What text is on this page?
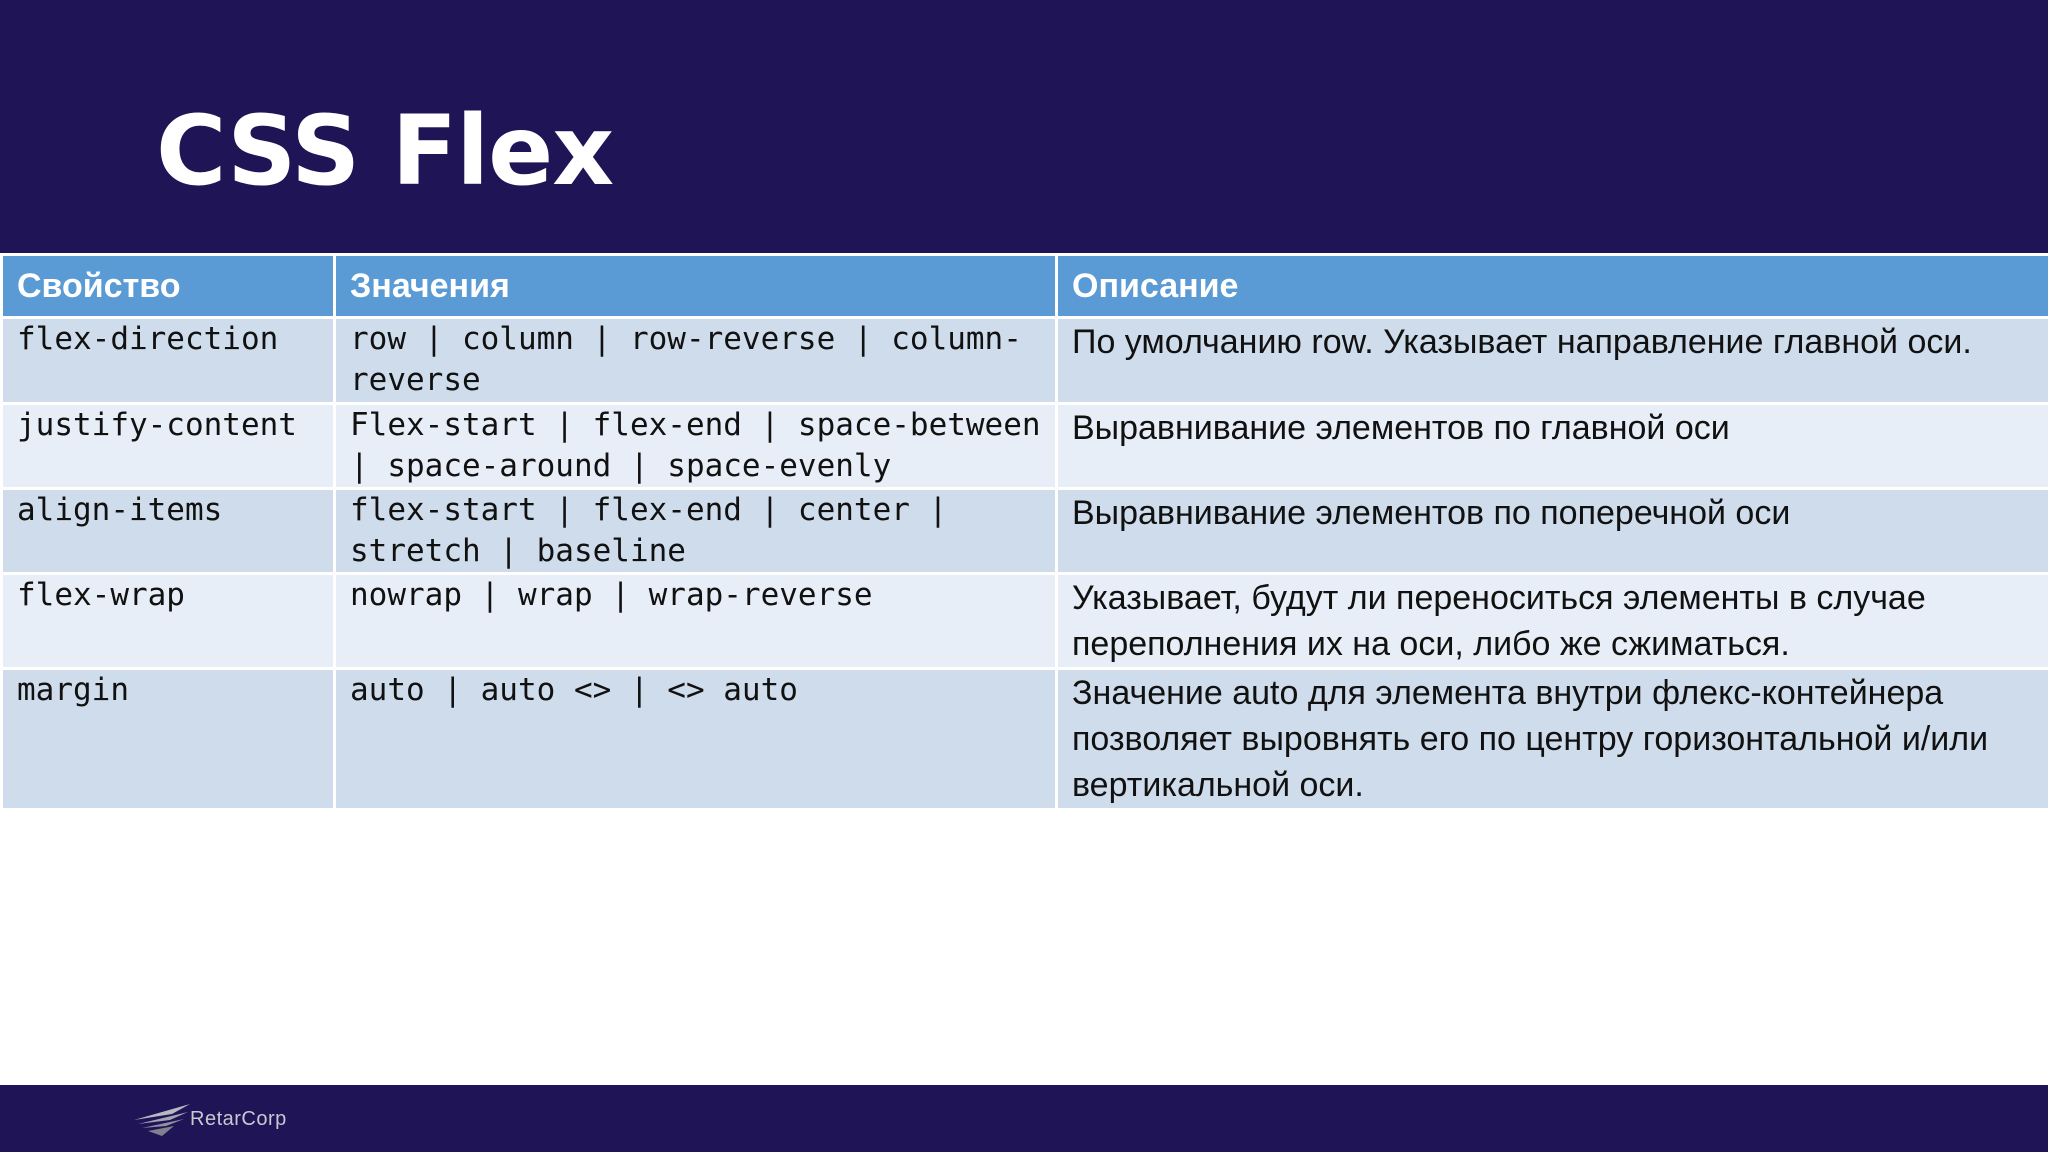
CSS Flex
Свойство	Значения	Описание
flex-direction	row | column | row-reverse | column-reverse	По умолчанию row. Указывает направление главной оси.
justify-content	Flex-start | flex-end | space-between | space-around | space-evenly	Выравнивание элементов по главной оси
align-items	flex-start | flex-end | center | stretch | baseline	Выравнивание элементов по поперечной оси
flex-wrap	nowrap | wrap | wrap-reverse	Указывает, будут ли переноситься элементы в случае переполнения их на оси, либо же сжиматься.
margin	auto | auto <> | <> auto	Значение auto для элемента внутри флекс-контейнера позволяет выровнять его по центру горизонтальной и/или вертикальной оси.
RetarCorp
